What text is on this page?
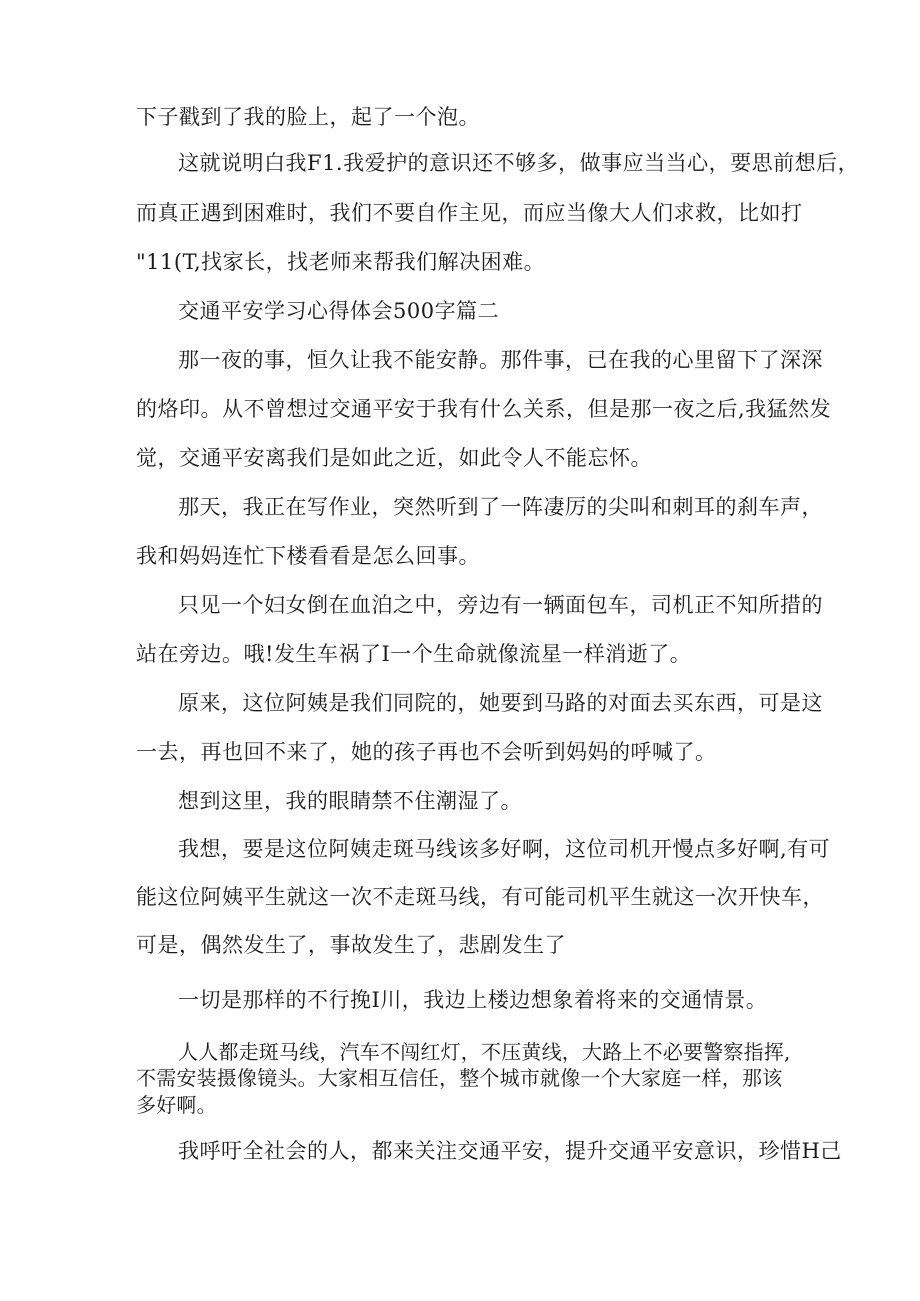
下子戳到了我的脸上，起了一个泡。
这就说明白我F1.我爱护的意识还不够多，做事应当当心，要思前想后，
而真正遇到困难时，我们不要自作主见，而应当像大人们求救，比如打
"11(T,找家长，找老师来帮我们解决困难。
交通平安学习心得体会500字篇二
那一夜的事，恒久让我不能安静。那件事，已在我的心里留下了深深
的烙印。从不曾想过交通平安于我有什么关系，但是那一夜之后,我猛然发
觉，交通平安离我们是如此之近，如此令人不能忘怀。
那天，我正在写作业，突然听到了一阵凄厉的尖叫和刺耳的刹车声，
我和妈妈连忙下楼看看是怎么回事。
只见一个妇女倒在血泊之中，旁边有一辆面包车，司机正不知所措的
站在旁边。哦!发生车祸了I一个生命就像流星一样消逝了。
原来，这位阿姨是我们同院的，她要到马路的对面去买东西，可是这
一去，再也回不来了，她的孩子再也不会听到妈妈的呼喊了。
想到这里，我的眼睛禁不住潮湿了。
我想，要是这位阿姨走斑马线该多好啊，这位司机开慢点多好啊,有可
能这位阿姨平生就这一次不走斑马线，有可能司机平生就这一次开快车，
可是，偶然发生了，事故发生了，悲剧发生了
一切是那样的不行挽I川，我边上楼边想象着将来的交通情景。
人人都走斑马线，汽车不闯红灯，不压黄线，大路上不必要警察指挥,
不需安装摄像镜头。大家相互信任，整个城市就像一个大家庭一样，那该
多好啊。
我呼吁全社会的人，都来关注交通平安，提升交通平安意识，珍惜H己
